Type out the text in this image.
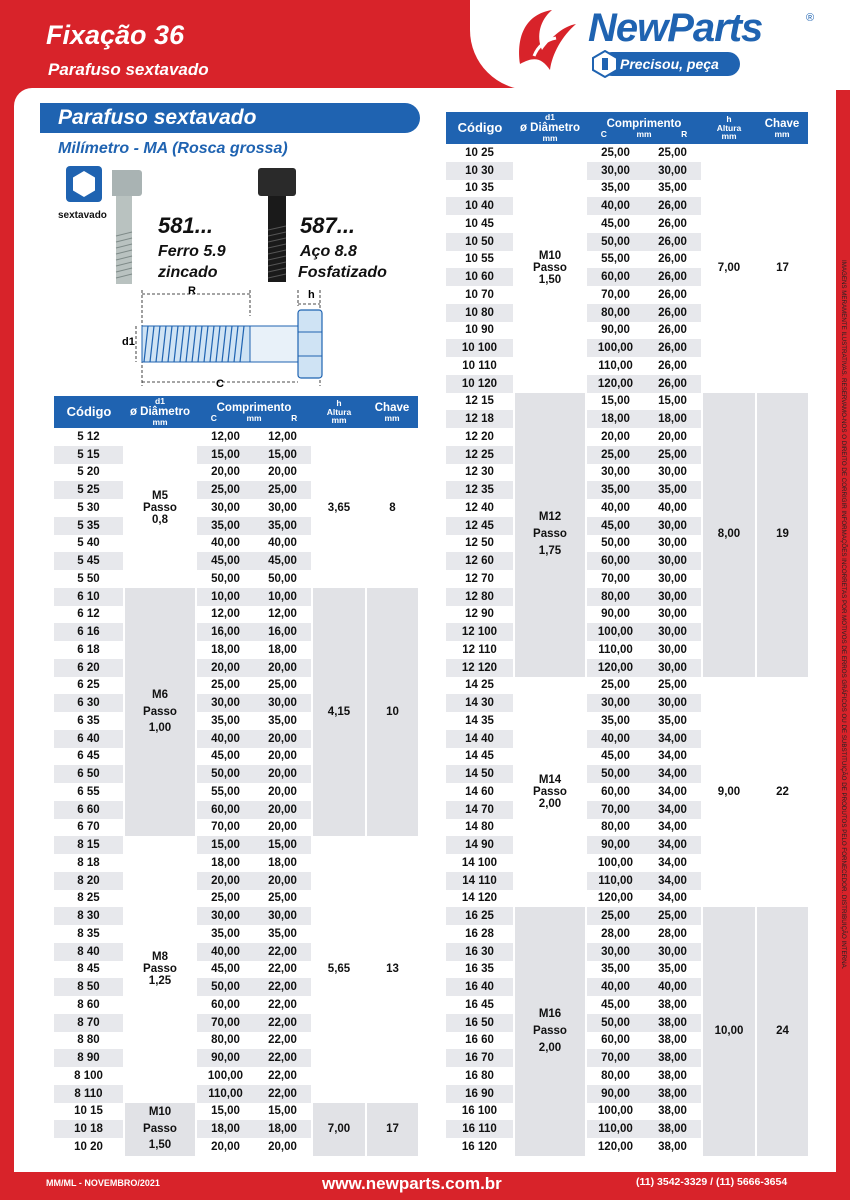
Fixação 36
Parafuso sextavado
NewParts	®
Precisou, peça
Parafuso sextavado
Milímetro - MA (Rosca grossa)
sextavado
R	h
d1
C
581...
Ferro 5.9
zincado
587...
Aço 8.8
Fosfatizado
Código	d1
ø Diâmetro
mm	Comprimento
C mm R		h
Altura
mm	Chave
mm

5 12	M5
Passo
0,8	12,00	12,00	3,65	8
5 15		15,00	15,00		
5 20		20,00	20,00		
5 25		25,00	25,00		
5 30		30,00	30,00		
5 35		35,00	35,00		
5 40		40,00	40,00		
5 45		45,00	45,00		
5 50		50,00	50,00		
6 10	M6
Passo
1,00	10,00	10,00	4,15	10
6 12		12,00	12,00		
6 16		16,00	16,00		
6 18		18,00	18,00		
6 20		20,00	20,00		
6 25		25,00	25,00		
6 30		30,00	30,00		
6 35		35,00	35,00		
6 40		40,00	20,00		
6 45		45,00	20,00		
6 50		50,00	20,00		
6 55		55,00	20,00		
6 60		60,00	20,00		
6 70		70,00	20,00		
8 15	M8
Passo
1,25	15,00	15,00	5,65	13
8 18		18,00	18,00		
8 20		20,00	20,00		
8 25		25,00	25,00		
8 30		30,00	30,00		
8 35		35,00	35,00		
8 40		40,00	22,00		
8 45		45,00	22,00		
8 50		50,00	22,00		
8 60		60,00	22,00		
8 70		70,00	22,00		
8 80		80,00	22,00		
8 90		90,00	22,00		
8 100		100,00	22,00		
8 110		110,00	22,00		
10 15	M10
Passo
1,50	15,00	15,00	7,00	17
10 18		18,00	18,00		
10 20		20,00	20,00		
Código	d1
ø Diâmetro
mm	Comprimento
C mm R		h
Altura
mm	Chave
mm

10 25	M10
Passo
1,50	25,00	25,00	7,00	17
10 30		30,00	30,00		
10 35		35,00	35,00		
10 40		40,00	26,00		
10 45		45,00	26,00		
10 50		50,00	26,00		
10 55		55,00	26,00		
10 60		60,00	26,00		
10 70		70,00	26,00		
10 80		80,00	26,00		
10 90		90,00	26,00		
10 100		100,00	26,00		
10 110		110,00	26,00		
10 120		120,00	26,00		
12 15	M12
Passo
1,75	15,00	15,00	8,00	19
12 18		18,00	18,00		
12 20		20,00	20,00		
12 25		25,00	25,00		
12 30		30,00	30,00		
12 35		35,00	35,00		
12 40		40,00	40,00		
12 45		45,00	30,00		
12 50		50,00	30,00		
12 60		60,00	30,00		
12 70		70,00	30,00		
12 80		80,00	30,00		
12 90		90,00	30,00		
12 100		100,00	30,00		
12 110		110,00	30,00		
12 120		120,00	30,00		
14 25	M14
Passo
2,00	25,00	25,00	9,00	22
14 30		30,00	30,00		
14 35		35,00	35,00		
14 40		40,00	34,00		
14 45		45,00	34,00		
14 50		50,00	34,00		
14 60		60,00	34,00		
14 70		70,00	34,00		
14 80		80,00	34,00		
14 90		90,00	34,00		
14 100		100,00	34,00		
14 110		110,00	34,00		
14 120		120,00	34,00		
16 25	M16
Passo
2,00	25,00	25,00	10,00	24
16 28		28,00	28,00		
16 30		30,00	30,00		
16 35		35,00	35,00		
16 40		40,00	40,00		
16 45		45,00	38,00		
16 50		50,00	38,00		
16 60		60,00	38,00		
16 70		70,00	38,00		
16 80		80,00	38,00		
16 90		90,00	38,00		
16 100		100,00	38,00		
16 110		110,00	38,00		
16 120		120,00	38,00		
IMAGENS MERAMENTE ILUSTRATIVAS. RESERVAMO-NOS O DIREITO DE CORRIGIR INFORMAÇÕES INCORRETAS POR MOTIVOS DE ERROS GRÁFICOS OU DE SUBSTITUIÇÃO DE PRODUTOS PELO FORNECEDOR. DISTRIBUIÇÃO INTERNA.
MM/ML - NOVEMBRO/2021	www.newparts.com.br	(11) 3542-3329 / (11) 5666-3654
